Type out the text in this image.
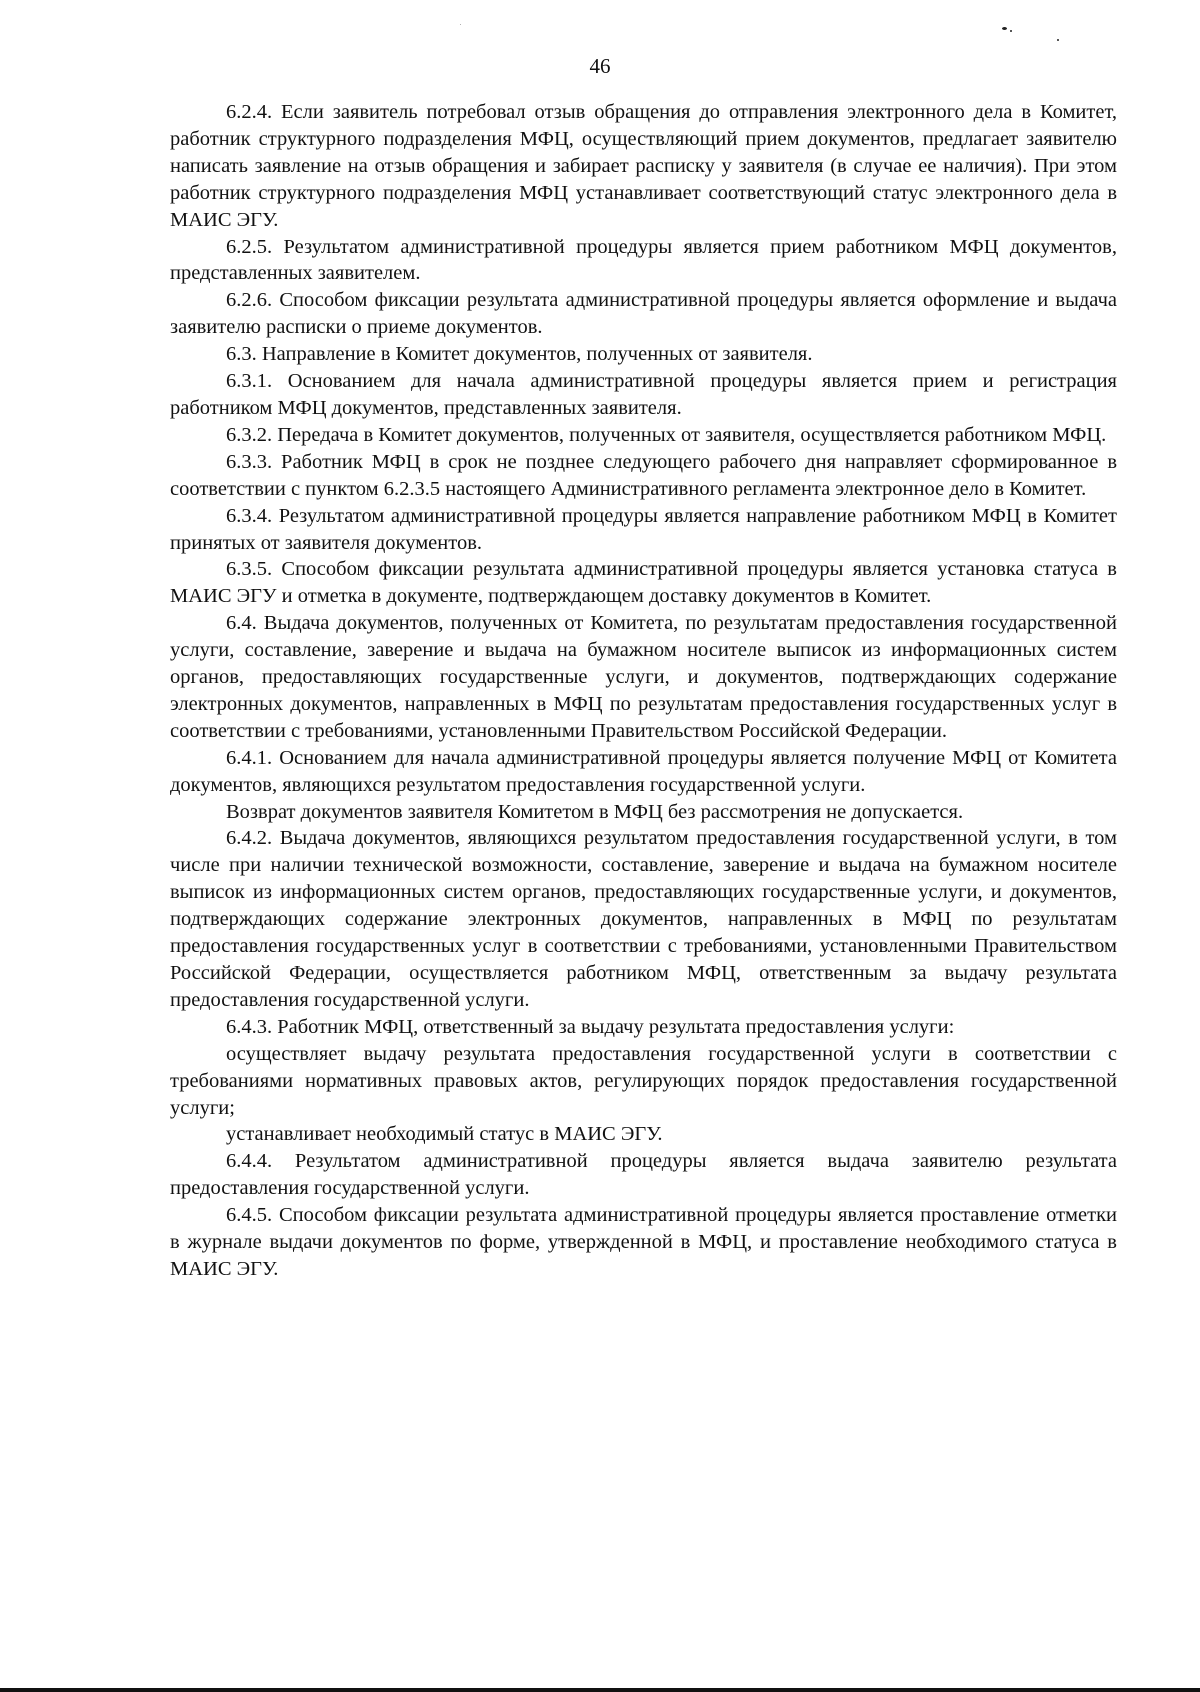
46

6.2.4. Если заявитель потребовал отзыв обращения до отправления электронного дела в Комитет, работник структурного подразделения МФЦ, осуществляющий прием документов, предлагает заявителю написать заявление на отзыв обращения и забирает расписку у заявителя (в случае ее наличия). При этом работник структурного подразделения МФЦ устанавливает соответствующий статус электронного дела в МАИС ЭГУ.

6.2.5. Результатом административной процедуры является прием работником МФЦ документов, представленных заявителем.

6.2.6. Способом фиксации результата административной процедуры является оформление и выдача заявителю расписки о приеме документов.

6.3. Направление в Комитет документов, полученных от заявителя.

6.3.1. Основанием для начала административной процедуры является прием и регистрация работником МФЦ документов, представленных заявителя.

6.3.2. Передача в Комитет документов, полученных от заявителя, осуществляется работником МФЦ.

6.3.3. Работник МФЦ в срок не позднее следующего рабочего дня направляет сформированное в соответствии с пунктом 6.2.3.5 настоящего Административного регламента электронное дело в Комитет.

6.3.4. Результатом административной процедуры является направление работником МФЦ в Комитет принятых от заявителя документов.

6.3.5. Способом фиксации результата административной процедуры является установка статуса в МАИС ЭГУ и отметка в документе, подтверждающем доставку документов в Комитет.

6.4. Выдача документов, полученных от Комитета, по результатам предоставления государственной услуги, составление, заверение и выдача на бумажном носителе выписок из информационных систем органов, предоставляющих государственные услуги, и документов, подтверждающих содержание электронных документов, направленных в МФЦ по результатам предоставления государственных услуг в соответствии с требованиями, установленными Правительством Российской Федерации.

6.4.1. Основанием для начала административной процедуры является получение МФЦ от Комитета документов, являющихся результатом предоставления государственной услуги.

Возврат документов заявителя Комитетом в МФЦ без рассмотрения не допускается.

6.4.2. Выдача документов, являющихся результатом предоставления государственной услуги, в том числе при наличии технической возможности, составление, заверение и выдача на бумажном носителе выписок из информационных систем органов, предоставляющих государственные услуги, и документов, подтверждающих содержание электронных документов, направленных в МФЦ по результатам предоставления государственных услуг в соответствии с требованиями, установленными Правительством Российской Федерации, осуществляется работником МФЦ, ответственным за выдачу результата предоставления государственной услуги.

6.4.3. Работник МФЦ, ответственный за выдачу результата предоставления услуги:

осуществляет выдачу результата предоставления государственной услуги в соответствии с требованиями нормативных правовых актов, регулирующих порядок предоставления государственной услуги;

устанавливает необходимый статус в МАИС ЭГУ.

6.4.4. Результатом административной процедуры является выдача заявителю результата предоставления государственной услуги.

6.4.5. Способом фиксации результата административной процедуры является проставление отметки в журнале выдачи документов по форме, утвержденной в МФЦ, и проставление необходимого статуса в МАИС ЭГУ.
